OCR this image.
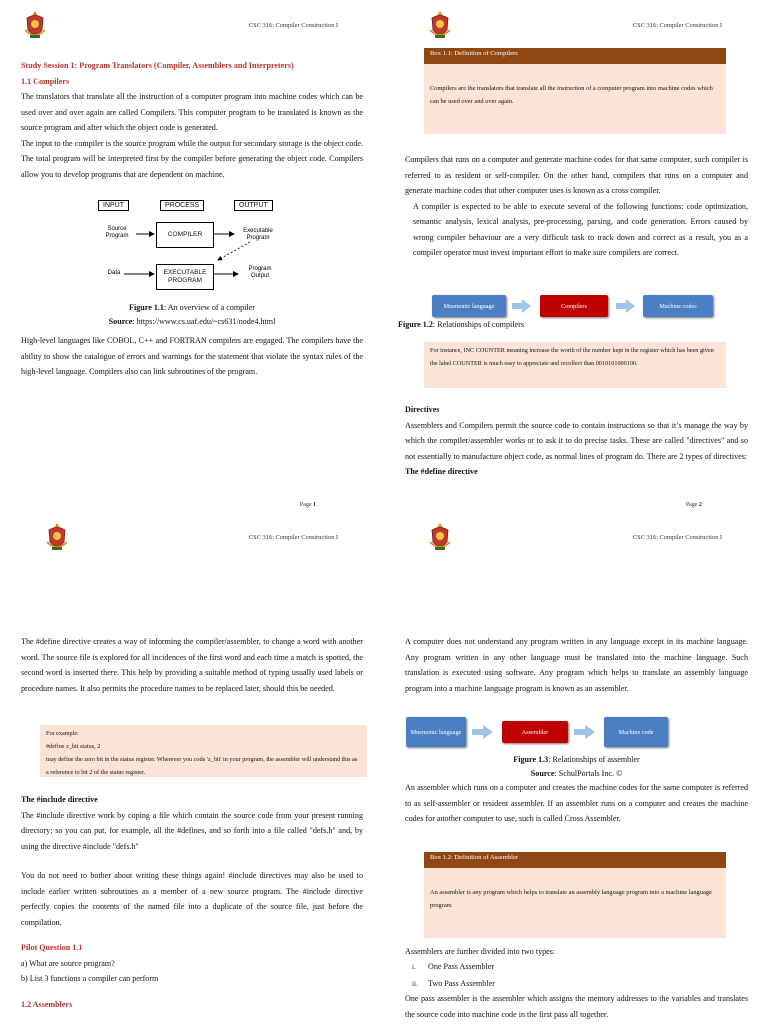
CSC 316: Compiler Construction I

Study Session 1: Program Translators (Compiler, Assemblers and Interpreters)

1.1 Compilers

The translators that translate all the instruction of a computer program into machine codes which can be used over and over again are called Compilers. This computer program to be translated is known as the source program and after which the object code is generated.

The input to the compiler is the source program while the output for secondary storage is the object code. The total program will be interpreted first by the compiler before generating the object code. Compilers allow you to develop programs that are dependent on machine.

INPUT	PROCESS	OUTPUT
Source Program	COMPILER	Executable Program
Data	EXECUTABLE PROGRAM
Program Output

Figure 1.1: An overview of a compiler

Source: https://www.cs.uaf.edu/~cs631/node4.html

High-level languages like COBOL, C++ and FORTRAN compilers are engaged. The compilers have the ability to show the catalogue of errors and warnings for the statement that violate the syntax rules of the high-level language. Compilers also can link subroutines of the program.

Page 1
CSC 316: Compiler Construction I
Box 1.1: Definition of Compilers
Compilers are the translators that translate all the instruction of a computer program into machine codes which can be used over and over again.

Compilers that runs on a computer and generate machine codes for that same computer, such compiler is referred to as resident or self-compiler. On the other hand, compilers that runs on a computer and generate machine codes that other computer uses is known as a cross compiler.

A compiler is expected to be able to execute several of the following functions: code optimization, semantic analysis, lexical analysis, pre-processing, parsing, and code generation. Errors caused by wrong compiler behaviour are a very difficult task to track down and correct as a result, you as a compiler operator must invest important effort to make sure compilers are correct.

Mnemonic language	Compilers	Machine codes

Figure 1.2: Relationships of compilers

For instance, INC COUNTER meaning increase the worth of the number kept in the register which has been given the label COUNTER is much easy to appreciate and recollect than 0010101000100.

Directives

Assemblers and Compilers permit the source code to contain instructions so that it’s manage the way by which the compiler/assembler works or to ask it to do precise tasks. These are called "directives" and so not essentially to manufacture object code, as normal lines of program do. There are 2 types of directives:

The #define directive

Page 2
CSC 316: Compiler Construction I

The #define directive creates a way of informing the compiler/assembler, to change a word with another word. The source file is explored for all incidences of the first word and each time a match is spotted, the second word is inserted there. This help by providing a suitable method of typing usually used labels or procedure names. It also permits the procedure names to be replaced later, should this be needed.

For example:
#define z_bit status, 2
may define the zero bit in the status register. Wherever you code 'z_bit' in your program, the assembler will understand this as a reference to bit 2 of the status register.

The #include directive

The #include directive work by coping a file which contain the source code from your present running directory; so you can put, for example, all the #defines, and so forth into a file called "defs.h" and, by using the directive #include "defs.h"

You do not need to bother about writing these things again! #include directives may also be used to include earlier written subroutines as a member of a new source program. The #include directive perfectly copies the contents of the named file into a duplicate of the source file, just before the compilation.

Pilot Question 1.1

a) What are source program?

b) List 3 functions a compiler can perform

1.2 Assemblers

CSC 316: Compiler Construction I

A computer does not understand any program written in any language except in its machine language. Any program written in any other language must be translated into the machine language. Such translation is executed using software. Any program which helps to translate an assembly language program into a machine language program is known as an assembler.

Mnemonic language	Assembler	Machine code

Figure 1.3: Relationships of assembler

Source: SchulPortals Inc. ©

An assembler which runs on a computer and creates the machine codes for the same computer is referred to as self-assembler or resident assembler. If an assembler runs on a computer and creates the machine codes for another computer to use, such is called Cross Assembler.

Box 1.2: Definition of Assembler
An assembler is any program which helps to translate an assembly language program into a machine language program

Assemblers are further divided into two types:

i. One Pass Assembler
ii. Two Pass Assembler

One pass assembler is the assembler which assigns the memory addresses to the variables and translates the source code into machine code in the first pass all together.
